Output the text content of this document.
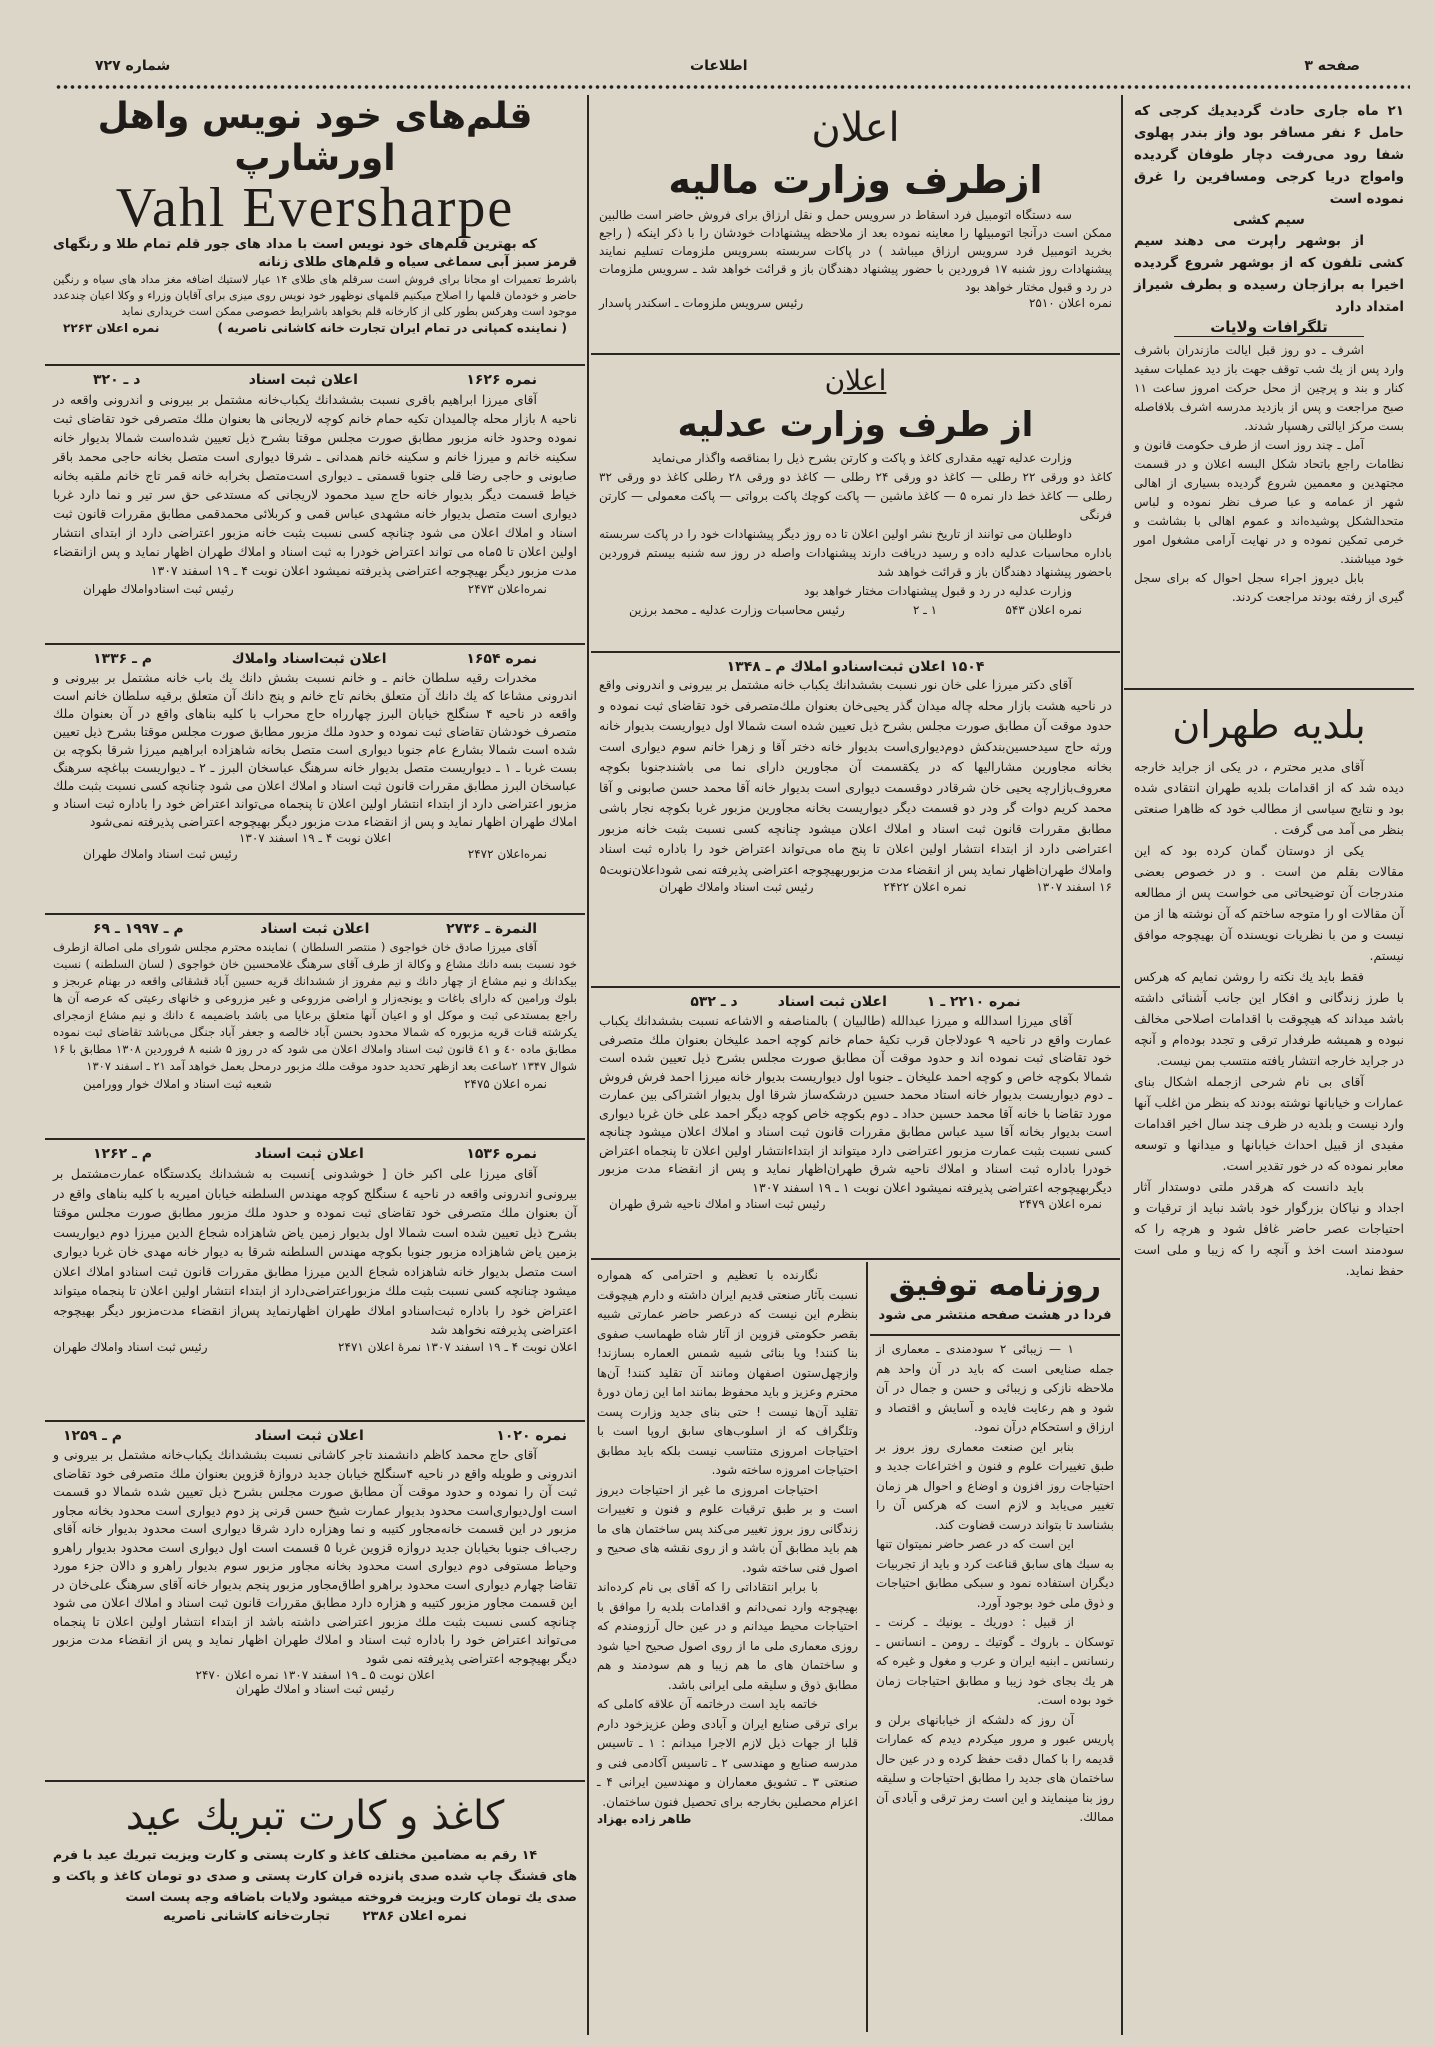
صفحه ۳
اطلاعات
شماره ۷۲۷
قلم‌های خود نویس واهل اورشارپ
Vahl Eversharpe

که بهترین قلم‌های خود نویس است با مداد های جور قلم تمام طلا و رنگهای قرمز سبز آبی سماغی سیاه و قلم‌های طلای زنانه

باشرط تعمیرات او مجانا برای فروش است سرقلم های طلای ۱۴ عیار لاستیك اضافه مغز مداد های سیاه و رنگین حاضر و خودمان قلمها را اصلاح میکنیم قلمهای نوظهور خود نویس روی میزی برای آقایان وزراء و وکلا اعیان چندعدد موجود است وهرکس بطور کلی از کارخانه قلم بخواهد باشرایط خصوصی ممکن است خریداری نماید

( نماینده کمپانی در تمام ایران تجارت خانه کاشانی ناصریه )
نمره اعلان ۲۲۶۳
نمره ۱۶۲۶
اعلان ثبت اسناد
د ـ ۳۲۰

آقای میرزا ابراهیم باقری نسبت بششدانك یکباب‌خانه مشتمل بر بیرونی و اندرونی واقعه در ناحیه ۸ بازار محله چالمیدان تکیه حمام خانم کوچه لاریجانی ها بعنوان ملك متصرفی خود تقاضای ثبت نموده وحدود خانه مزبور مطابق صورت مجلس موقتا بشرح ذیل تعیین شده‌است شمالا بدیوار خانه سکینه خانم و میرزا خانم و سکینه خانم همدانی ـ شرقا دیواری است متصل بخانه حاجی محمد باقر صابونی و حاجی رضا قلی جنوبا قسمتی ـ دیواری است‌متصل بخرابه خانه قمر تاج خانم ملقبه بخانه خیاط قسمت دیگر بدیوار خانه حاج سید محمود لاریجانی که مستدعی حق سر تیر و نما دارد غربا دیواری است متصل بدیوار خانه مشهدی عباس قمی و کربلائی محمدقمی مطابق مقررات قانون ثبت اسناد و املاك اعلان می شود چنانچه کسی نسبت بثبت خانه مزبور اعتراضی دارد از ابتدای انتشار اولین اعلان تا ۵ماه می تواند اعتراض خودرا به ثبت اسناد و املاك طهران اظهار نماید و پس ازانقضاء مدت مزبور دیگر بهیچوجه اعتراضی پذیرفته نمیشود اعلان نوبت ۴ ـ ۱۹ اسفند ۱۳۰۷

نمره‌اعلان ۲۴۷۳
رئیس ثبت اسنادواملاك طهران
نمره ۱۶۵۴
اعلان ثبت‌اسناد واملاك
م ـ ۱۳۳۶

مخدرات رقیه سلطان خانم ـ و خانم نسبت بشش دانك یك باب خانه مشتمل بر بیرونی و اندرونی مشاعا که یك دانك آن متعلق بخانم تاج خانم و پنج دانك آن متعلق برقیه سلطان خانم است واقعه در ناحیه ۴ سنگلج خیابان البرز چهارراه حاج محراب با کلیه بناهای واقع در آن بعنوان ملك متصرف خودشان تقاضای ثبت نموده و حدود ملك مزبور مطابق صورت مجلس موقتا بشرح ذیل تعیین شده است شمالا بشارع عام جنوبا دیواری است متصل بخانه شاهزاده ابراهیم میرزا شرقا بکوچه بن بست غربا ـ ۱ ـ دیواریست متصل بدیوار خانه سرهنگ عباسخان البرز ـ ۲ ـ دیواریست بباغچه سرهنگ عباسخان البرز مطابق مقررات قانون ثبت اسناد و املاك اعلان می شود چنانچه کسی نسبت بثبت ملك مزبور اعتراضی دارد از ابتداء انتشار اولین اعلان تا پنجماه می‌تواند اعتراض خود را باداره ثبت اسناد و املاك طهران اظهار نماید و پس از انقضاء مدت مزبور دیگر بهیچوجه اعتراضی پذیرفته نمی‌شود

اعلان نوبت ۴ ـ ۱۹ اسفند ۱۳۰۷
نمره‌اعلان ۲۴۷۲
رئیس ثبت اسناد واملاك طهران
النمرة ـ ۲۷۳۶
اعلان ثبت اسناد
م ـ ۱۹۹۷ ـ ۶۹

آقای میرزا صادق خان خواجوی ( منتصر السلطان ) نماینده محترم مجلس شورای ملی اصالة ازطرف خود نسبت بسه دانك مشاع و وکالة از طرف آقای سرهنگ غلامحسین خان خواجوی ( لسان السلطنه ) نسبت بیکدانك و نیم مشاع از چهار دانك و نیم مفروز از ششدانك قریه حسین آباد قشقائی واقعه در بهنام عربجز و بلوك ورامین که دارای باغات و یونجه‌زار و اراضی مزروعی و غیر مزروعی و خانهای رعیتی که عرصه آن ها راجع بمستدعی ثبت و موکل او و اعیان آنها متعلق برعایا می باشد باضمیمه ٤ دانك و نیم مشاع ازمجرای یکرشته قنات قریه مزبوره که شمالا محدود بحسن آباد خالصه و جعفر آباد جنگل می‌باشد تقاضای ثبت نموده مطابق ماده ٤٠ و ٤١ قانون ثبت اسناد واملاك اعلان می شود که در روز ۵ شنبه ۸ فروردین ۱۳۰۸ مطابق با ۱۶ شوال ۱۳۴۷ ۲ساعت بعد ازظهر تحدید حدود موقت ملك مزبور درمحل بعمل خواهد آمد ۲۱ ـ اسفند ۱۳۰۷

نمره اعلان ۲۴۷۵
شعبه ثبت اسناد و املاك خوار وورامین
نمره ۱۵۳۶
اعلان ثبت اسناد
م ـ ۱۲۶۲

آقای میرزا علی اکبر خان [ خوشدونی ]نسبت به ششدانك یکدستگاه عمارت‌مشتمل بر بیرونی‌و اندرونی واقعه در ناحیه ٤ سنگلج کوچه مهندس السلطنه خیابان امیریه با کلیه بناهای واقع در آن بعنوان ملك متصرفی خود تقاضای ثبت نموده و حدود ملك مزبور مطابق صورت مجلس موقتا بشرح ذیل تعیین شده است شمالا اول بدیوار زمین یاض شاهزاده شجاع الدین میرزا دوم دیواریست بزمین یاض شاهزاده مزبور جنوبا بکوچه مهندس السلطنه شرقا به دیوار خانه مهدی خان غربا دیواری است متصل بدیوار خانه شاهزاده شجاع الدین میرزا مطابق مقررات قانون ثبت اسنادو املاك اعلان میشود چنانچه کسی نسبت بثبت ملك مزبوراعتراضی‌دارد از ابتداء انتشار اولین اعلان تا پنجماه میتواند اعتراض خود را باداره ثبت‌اسنادو املاك طهران اظهارنماید پس‌از انقضاء مدت‌مزبور دیگر بهیچوجه اعتراضی پذیرفته نخواهد شد

اعلان نوبت ۴ ـ ۱۹ اسفند ۱۳۰۷ نمرهٔ اعلان ۲۴۷۱
رئیس ثبت اسناد واملاك طهران
نمره ۱۰۲۰
اعلان ثبت اسناد
م ـ ۱۲۵۹

آقای حاج محمد کاظم دانشمند تاجر کاشانی نسبت بششدانك یکباب‌خانه مشتمل بر بیرونی و اندرونی و طویله واقع در ناحیه ۴سنگلج خیابان جدید دروازهٔ قزوین بعنوان ملك متصرفی خود تقاضای ثبت آن را نموده و حدود موقت آن مطابق صورت مجلس بشرح ذیل تعیین شده شمالا دو قسمت است اول‌دیواری‌است محدود بدیوار عمارت شیخ حسن قرنی پز دوم دیواری است محدود بخانه مجاور مزبور در این قسمت خانه‌مجاور کتیبه و نما وهزاره دارد شرقا دیواری است محدود بدیوار خانه آقای رجب‌اف جنوبا بخیابان جدید دروازه قزوین غربا ۵ قسمت است اول دیواری است محدود بدیوار راهرو وحیاط مستوفی دوم دیواری است محدود بخانه مجاور مزبور سوم بدیوار راهرو و دالان جزء مورد تقاضا چهارم دیواری است محدود براهرو اطاق‌مجاور مزبور پنجم بدیوار خانه آقای سرهنگ علی‌خان در این قسمت مجاور مزبور کتیبه و هزاره دارد مطابق مقررات قانون ثبت اسناد و املاك اعلان می شود چنانچه کسی نسبت بثبت ملك مزبور اعتراضی داشته باشد از ابتداء انتشار اولین اعلان تا پنجماه می‌تواند اعتراض خود را باداره ثبت اسناد و املاك طهران اظهار نماید و پس از انقضاء مدت مزبور دیگر بهیچوجه اعتراضی پذیرفته نمی شود

اعلان نوبت ۵ ـ ۱۹ اسفند ۱۳۰۷ نمره اعلان ۲۴۷۰
رئیس ثبت اسناد و املاك طهران
کاغذ و کارت تبریك عید

۱۴ رقم به مضامین مختلف کاغذ و کارت پستی و کارت ویزیت تبریك عید با فرم های قشنگ چاپ شده صدی پانزده قران کارت پستی و صدی دو تومان کاغذ و پاکت و صدی یك تومان کارت ویزیت فروخته میشود ولایات باضافه وجه پست است

نمره اعلان ۲۳۸۶
تجارت‌خانه کاشانی ناصریه
اعلان
ازطرف وزارت مالیه

سه دستگاه اتومبیل فرد اسقاط در سرویس حمل و نقل ارزاق برای فروش حاضر است طالبین ممکن است درآنجا اتومبیلها را معاینه نموده بعد از ملاحظه پیشنهادات خودشان را با ذکر اینکه ( راجع بخرید اتومبیل فرد سرویس ارزاق میباشد ) در پاکات سربسته بسرویس ملزومات تسلیم نمایند پیشنهادات روز شنبه ۱۷ فروردین با حضور پیشنهاد دهندگان باز و قرائت خواهد شد ـ سرویس ملزومات در رد و قبول مختار خواهد بود

نمره اعلان ۲۵۱۰
رئیس سرویس ملزومات ـ اسکندر پاسدار
اعلان
از طرف وزارت عدلیه

وزارت عدلیه تهیه مقداری کاغذ و پاکت و کارتن بشرح ذیل را بمناقصه واگذار می‌نماید

کاغذ دو ورقی ۲۲ رطلی — کاغذ دو ورقی ۲۴ رطلی — کاغذ دو ورقی ۲۸ رطلی کاغذ دو ورقی ۳۲ رطلی — کاغذ خط دار نمره ۵ — کاغذ ماشین — پاکت کوچك پاکت برواتی — پاکت معمولی — کارتن فرنگی

داوطلبان می توانند از تاریخ نشر اولین اعلان تا ده روز دیگر پیشنهادات خود را در پاکت سربسته باداره محاسبات عدلیه داده و رسید دریافت دارند پیشنهادات واصله در روز سه شنبه بیستم فروردین باحضور پیشنهاد دهندگان باز و قرائت خواهد شد

وزارت عدلیه در رد و قبول پیشنهادات مختار خواهد بود

نمره اعلان ۵۴۳
۱ ـ ۲
رئیس محاسبات وزارت عدلیه ـ محمد برزین
۱۵۰۴ اعلان ثبت‌اسنادو املاك م ـ ۱۳۴۸

آقای دکتر میرزا علی خان نور نسبت بششدانك یکباب خانه مشتمل بر بیرونی و اندرونی واقع در ناحیه هشت بازار محله چاله میدان گذر یحیی‌خان بعنوان ملك‌متصرفی خود تقاضای ثبت نموده و حدود موقت آن مطابق صورت مجلس بشرح ذیل تعیین شده است شمالا اول دیواریست بدیوار خانه ورثه حاج سیدحسین‌بندکش دوم‌دیواری‌است بدیوار خانه دختر آقا و زهرا خانم سوم دیواری است بخانه مجاورین مشارالیها که در یکقسمت آن مجاورین دارای نما می باشندجنوبا بکوچه معروف‌بازارچه یحیی خان شرقادر دوقسمت دیواری است بدیوار خانه آقا محمد حسن صابونی و آقا محمد کریم دوات گر ودر دو قسمت دیگر دیواریست بخانه مجاورین مزبور غربا بکوچه نجار باشی مطابق مقررات قانون ثبت اسناد و املاك اعلان میشود چنانچه کسی نسبت بثبت خانه مزبور اعتراضی دارد از ابتداء انتشار اولین اعلان تا پنج ماه می‌تواند اعتراض خود را باداره ثبت اسناد واملاك طهران‌اظهار نماید پس از انقضاء مدت مزبوربهیچوجه اعتراضی پذیرفته نمی شوداعلان‌نوبت۵

۱۶ اسفند ۱۳۰۷
نمره اعلان ۲۴۲۲
رئیس ثبت اسناد واملاك طهران
نمره ۲۲۱۰ ـ ۱
اعلان ثبت اسناد
د ـ ۵۳۲

آقای میرزا اسدالله و میرزا عبدالله (طالبیان ) بالمناصفه و الاشاعه نسبت بششدانك یکباب عمارت واقع در ناحیه ۹ عودلاجان قرب تکیهٔ حمام خانم کوچه احمد علیخان بعنوان ملك متصرفی خود تقاضای ثبت نموده اند و حدود موقت آن مطابق صورت مجلس بشرح ذیل تعیین شده است شمالا بکوچه خاص و کوچه احمد علیخان ـ جنوبا اول دیواریست بدیوار خانه میرزا احمد فرش فروش ـ دوم دیواریست بدیوار خانه استاد محمد حسین درشکه‌ساز شرقا اول بدیوار اشتراکی بین عمارت مورد تقاضا با خانه آقا محمد حسین حداد ـ دوم بکوچه خاص کوچه دیگر احمد علی خان غربا دیواری است بدیوار بخانه آقا سید عباس مطابق مقررات قانون ثبت اسناد و املاك اعلان میشود چنانچه کسی نسبت بثبت عمارت مزبور اعتراضی دارد میتواند از ابتداءانتشار اولین اعلان تا پنجماه اعتراض خودرا باداره ثبت اسناد و املاك ناحیه شرق طهران‌اظهار نماید و پس از انقضاء مدت مزبور دیگربهیچوجه اعتراضی پذیرفته نمیشود اعلان نوبت ۱ ـ ۱۹ اسفند ۱۳۰۷

نمره اعلان ۲۴۷۹
رئیس ثبت اسناد و املاك ناحیه شرق طهران

نگارنده با تعظیم و احترامی که همواره نسبت بآثار صنعتی قدیم ایران داشته و دارم هیچوقت بنظرم این نیست که درعصر حاضر عمارتی شبیه بقصر حکومتی قزوین از آثار شاه طهماسب صفوی بنا کنند! ویا بنائی شبیه شمس العماره بسازند! وازچهل‌ستون اصفهان ومانند آن تقلید کنند! آن‌ها محترم وعزیز و باید محفوظ بمانند اما این زمان دورهٔ تقلید آن‌ها نیست ! حتی بنای جدید وزارت پست وتلگراف که از اسلوب‌های سابق اروپا است با احتیاجات امروزی متناسب نیست بلکه باید مطابق احتیاجات امروزه ساخته شود.

احتیاجات امروزی ما غیر از احتیاجات دیروز است و بر طبق ترقیات علوم و فنون و تغییرات زندگانی روز بروز تغییر می‌کند پس ساختمان های ما هم باید مطابق آن باشد و از روی نقشه های صحیح و اصول فنی ساخته شود.

با برابر انتقاداتی را که آقای بی نام کرده‌اند بهیچوجه وارد نمی‌دانم و اقدامات بلدیه را موافق با احتیاجات محیط میدانم و در عین حال آرزومندم که روزی معماری ملی ما از روی اصول صحیح احیا شود و ساختمان های ما هم زیبا و هم سودمند و هم مطابق ذوق و سلیقه ملی ایرانی باشد.

خاتمه باید است درخاتمه آن علاقه کاملی که برای ترقی صنایع ایران و آبادی وطن عزیزخود دارم قلبا از جهات ذیل لازم الاجرا میدانم : ۱ ـ تاسیس مدرسه صنایع و مهندسی ۲ ـ تاسیس آکادمی فنی و صنعتی ۳ ـ تشویق معماران و مهندسین ایرانی ۴ ـ اعزام محصلین بخارجه برای تحصیل فنون ساختمان.

طاهر زاده بهزاد
روزنامه توفیق
فردا در هشت صفحه منتشر می شود

۱ — زیبائی ۲ سودمندی ـ معماری از جمله صنایعی است که باید در آن واحد هم ملاحظه نازکی و زیبائی و حسن و جمال در آن شود و هم رعایت فایده و آسایش و اقتصاد و ارزاق و استحکام درآن نمود.

بنابر این صنعت معماری روز بروز بر طبق تغییرات علوم و فنون و اختراعات جدید و احتیاجات روز افزون و اوضاع و احوال هر زمان تغییر می‌یابد و لازم است که هرکس آن را بشناسد تا بتواند درست قضاوت کند.

این است که در عصر حاضر نمیتوان تنها به سبك های سابق قناعت کرد و باید از تجربیات دیگران استفاده نمود و سبکی مطابق احتیاجات و ذوق ملی خود بوجود آورد.

از قبیل : دوریك ـ یونیك ـ کرنت ـ توسکان ـ باروك ـ گوتیك ـ رومن ـ انسانس ـ رنسانس ـ ابنیه ایران و عرب و مغول و غیره که هر یك بجای خود زیبا و مطابق احتیاجات زمان خود بوده است.

آن روز که دلشکه از خیابانهای برلن و پاریس عبور و مرور میکردم دیدم که عمارات قدیمه را با کمال دقت حفظ کرده و در عین حال ساختمان های جدید را مطابق احتیاجات و سلیقه روز بنا مینمایند و این است رمز ترقی و آبادی آن ممالك.

۲۱ ماه جاری حادث گردیدیك کرجی که حامل ۶ نفر مسافر بود واز بندر پهلوی شفا رود می‌رفت دچار طوفان گردیده وامواج دریا کرجی ومسافرین را غرق نموده است

سیم کشی

از بوشهر راپرت می دهند سیم کشی تلفون که از بوشهر شروع گردیده اخیرا به برازجان رسیده و بطرف شیراز امتداد دارد

تلگرافات ولایات

اشرف ـ دو روز قبل ایالت مازندران باشرف وارد پس از یك شب توقف جهت باز دید عملیات سفید کنار و بند و پرچین از محل حرکت امروز ساعت ۱۱ صبح مراجعت و پس از بازدید مدرسه اشرف بلافاصله بست مرکز ایالتی رهسپار شدند.

آمل ـ چند روز است از طرف حکومت قانون و نظامات راجع باتحاد شکل البسه اعلان و در قسمت مجتهدین و معممین شروع گردیده بسیاری از اهالی شهر از عمامه و عبا صرف نظر نموده و لباس متحدالشکل پوشیده‌اند و عموم اهالی با بشاشت و خرمی تمکین نموده و در نهایت آرامی مشغول امور خود میباشند.

بابل دیروز اجراء سجل احوال که برای سجل گیری از رفته بودند مراجعت کردند.

بلدیه طهران

آقای مدیر محترم ، در یکی از جراید خارجه دیده شد که از اقدامات بلدیه طهران انتقادی شده بود و نتایج سیاسی از مطالب خود که ظاهرا صنعتی بنظر می آمد می گرفت .

یکی از دوستان گمان کرده بود که این مقالات بقلم من است . و در خصوص بعضی مندرجات آن توضیحاتی می خواست پس از مطالعه آن مقالات او را متوجه ساختم که آن نوشته ها از من نیست و من با نظریات نویسنده آن بهیچوجه موافق نیستم.

فقط باید یك نکته را روشن نمایم که هرکس با طرز زندگانی و افکار این جانب آشنائی داشته باشد میداند که هیچوقت با اقدامات اصلاحی مخالف نبوده و همیشه طرفدار ترقی و تجدد بوده‌ام و آنچه در جراید خارجه انتشار یافته منتسب بمن نیست.

آقای بی نام شرحی ازجمله اشکال بنای عمارات و خیابانها نوشته بودند که بنظر من اغلب آنها وارد نیست و بلدیه در ظرف چند سال اخیر اقدامات مفیدی از قبیل احداث خیابانها و میدانها و توسعه معابر نموده که در خور تقدیر است.

باید دانست که هرقدر ملتی دوستدار آثار اجداد و نیاکان بزرگوار خود باشد نباید از ترقیات و احتیاجات عصر حاضر غافل شود و هرچه را که سودمند است اخذ و آنچه را که زیبا و ملی است حفظ نماید.
